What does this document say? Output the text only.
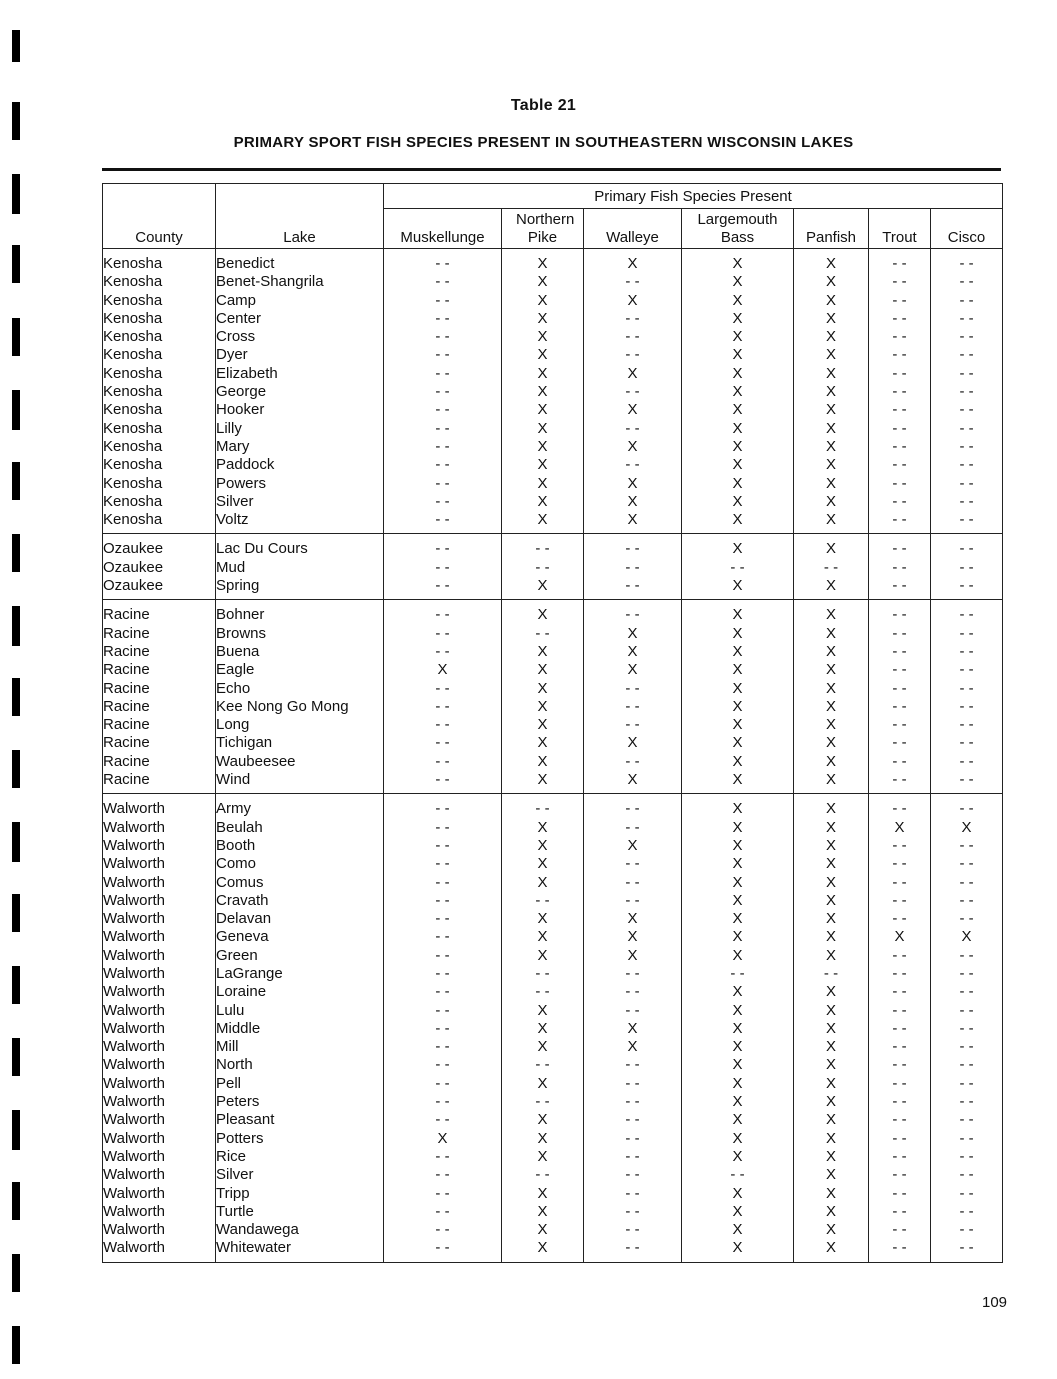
Table 21
PRIMARY SPORT FISH SPECIES PRESENT IN SOUTHEASTERN WISCONSIN LAKES
County	Lake	Primary Fish Species Present						
		Muskellunge	Northern Pike	Walleye	Largemouth Bass	Panfish	Trout	Cisco
Kenosha	Benedict	- -	X	X	X	X	- -	- -
Kenosha	Benet-Shangrila	- -	X	- -	X	X	- -	- -
Kenosha	Camp	- -	X	X	X	X	- -	- -
Kenosha	Center	- -	X	- -	X	X	- -	- -
Kenosha	Cross	- -	X	- -	X	X	- -	- -
Kenosha	Dyer	- -	X	- -	X	X	- -	- -
Kenosha	Elizabeth	- -	X	X	X	X	- -	- -
Kenosha	George	- -	X	- -	X	X	- -	- -
Kenosha	Hooker	- -	X	X	X	X	- -	- -
Kenosha	Lilly	- -	X	- -	X	X	- -	- -
Kenosha	Mary	- -	X	X	X	X	- -	- -
Kenosha	Paddock	- -	X	- -	X	X	- -	- -
Kenosha	Powers	- -	X	X	X	X	- -	- -
Kenosha	Silver	- -	X	X	X	X	- -	- -
Kenosha	Voltz	- -	X	X	X	X	- -	- -
Ozaukee	Lac Du Cours	- -	- -	- -	X	X	- -	- -
Ozaukee	Mud	- -	- -	- -	- -	- -	- -	- -
Ozaukee	Spring	- -	X	- -	X	X	- -	- -
Racine	Bohner	- -	X	- -	X	X	- -	- -
Racine	Browns	- -	- -	X	X	X	- -	- -
Racine	Buena	- -	X	X	X	X	- -	- -
Racine	Eagle	X	X	X	X	X	- -	- -
Racine	Echo	- -	X	- -	X	X	- -	- -
Racine	Kee Nong Go Mong	- -	X	- -	X	X	- -	- -
Racine	Long	- -	X	- -	X	X	- -	- -
Racine	Tichigan	- -	X	X	X	X	- -	- -
Racine	Waubeesee	- -	X	- -	X	X	- -	- -
Racine	Wind	- -	X	X	X	X	- -	- -
Walworth	Army	- -	- -	- -	X	X	- -	- -
Walworth	Beulah	- -	X	- -	X	X	X	X
Walworth	Booth	- -	X	X	X	X	- -	- -
Walworth	Como	- -	X	- -	X	X	- -	- -
Walworth	Comus	- -	X	- -	X	X	- -	- -
Walworth	Cravath	- -	- -	- -	X	X	- -	- -
Walworth	Delavan	- -	X	X	X	X	- -	- -
Walworth	Geneva	- -	X	X	X	X	X	X
Walworth	Green	- -	X	X	X	X	- -	- -
Walworth	LaGrange	- -	- -	- -	- -	- -	- -	- -
Walworth	Loraine	- -	- -	- -	X	X	- -	- -
Walworth	Lulu	- -	X	- -	X	X	- -	- -
Walworth	Middle	- -	X	X	X	X	- -	- -
Walworth	Mill	- -	X	X	X	X	- -	- -
Walworth	North	- -	- -	- -	X	X	- -	- -
Walworth	Pell	- -	X	- -	X	X	- -	- -
Walworth	Peters	- -	- -	- -	X	X	- -	- -
Walworth	Pleasant	- -	X	- -	X	X	- -	- -
Walworth	Potters	X	X	- -	X	X	- -	- -
Walworth	Rice	- -	X	- -	X	X	- -	- -
Walworth	Silver	- -	- -	- -	- -	X	- -	- -
Walworth	Tripp	- -	X	- -	X	X	- -	- -
Walworth	Turtle	- -	X	- -	X	X	- -	- -
Walworth	Wandawega	- -	X	- -	X	X	- -	- -
Walworth	Whitewater	- -	X	- -	X	X	- -	- -
109
